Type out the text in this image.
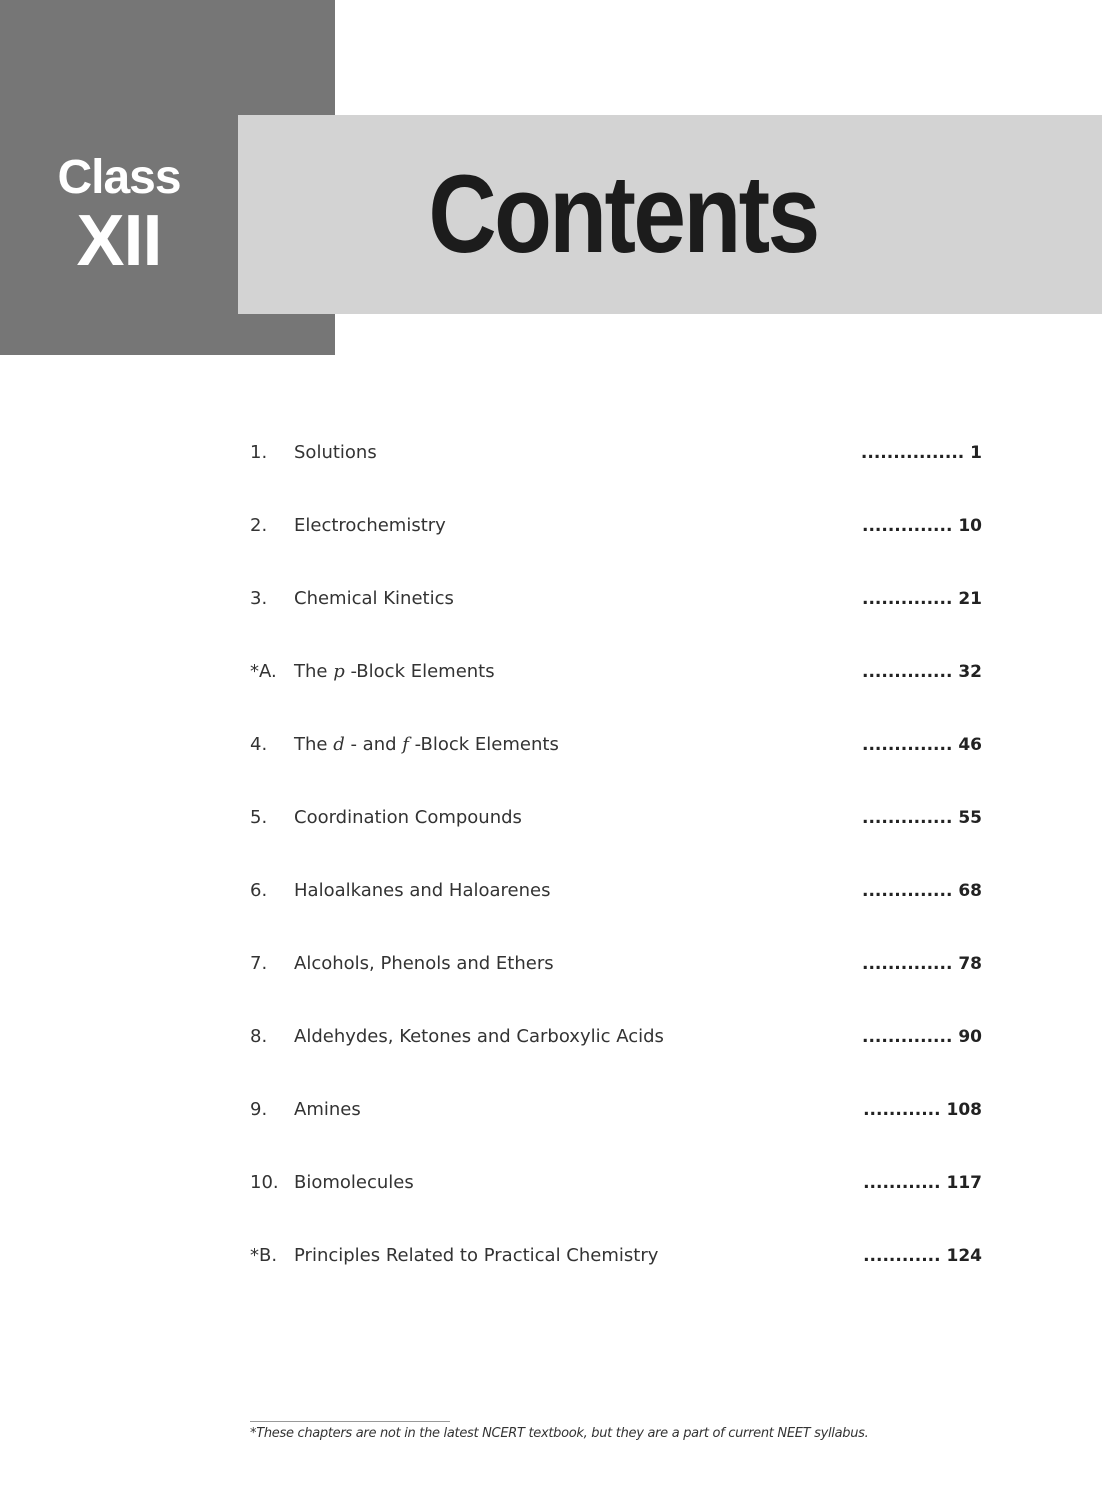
Class
XII	Contents
1. Solutions	................ 1
2. Electrochemistry	.............. 10
3. Chemical Kinetics	.............. 21
*A. The p -Block Elements	.............. 32
4. The d - and f -Block Elements	.............. 46
5. Coordination Compounds	.............. 55
6. Haloalkanes and Haloarenes	.............. 68
7. Alcohols, Phenols and Ethers	.............. 78
8. Aldehydes, Ketones and Carboxylic Acids	.............. 90
9. Amines	............ 108
10. Biomolecules	............ 117
*B. Principles Related to Practical Chemistry	............ 124
*These chapters are not in the latest NCERT textbook, but they are a part of current NEET syllabus.
